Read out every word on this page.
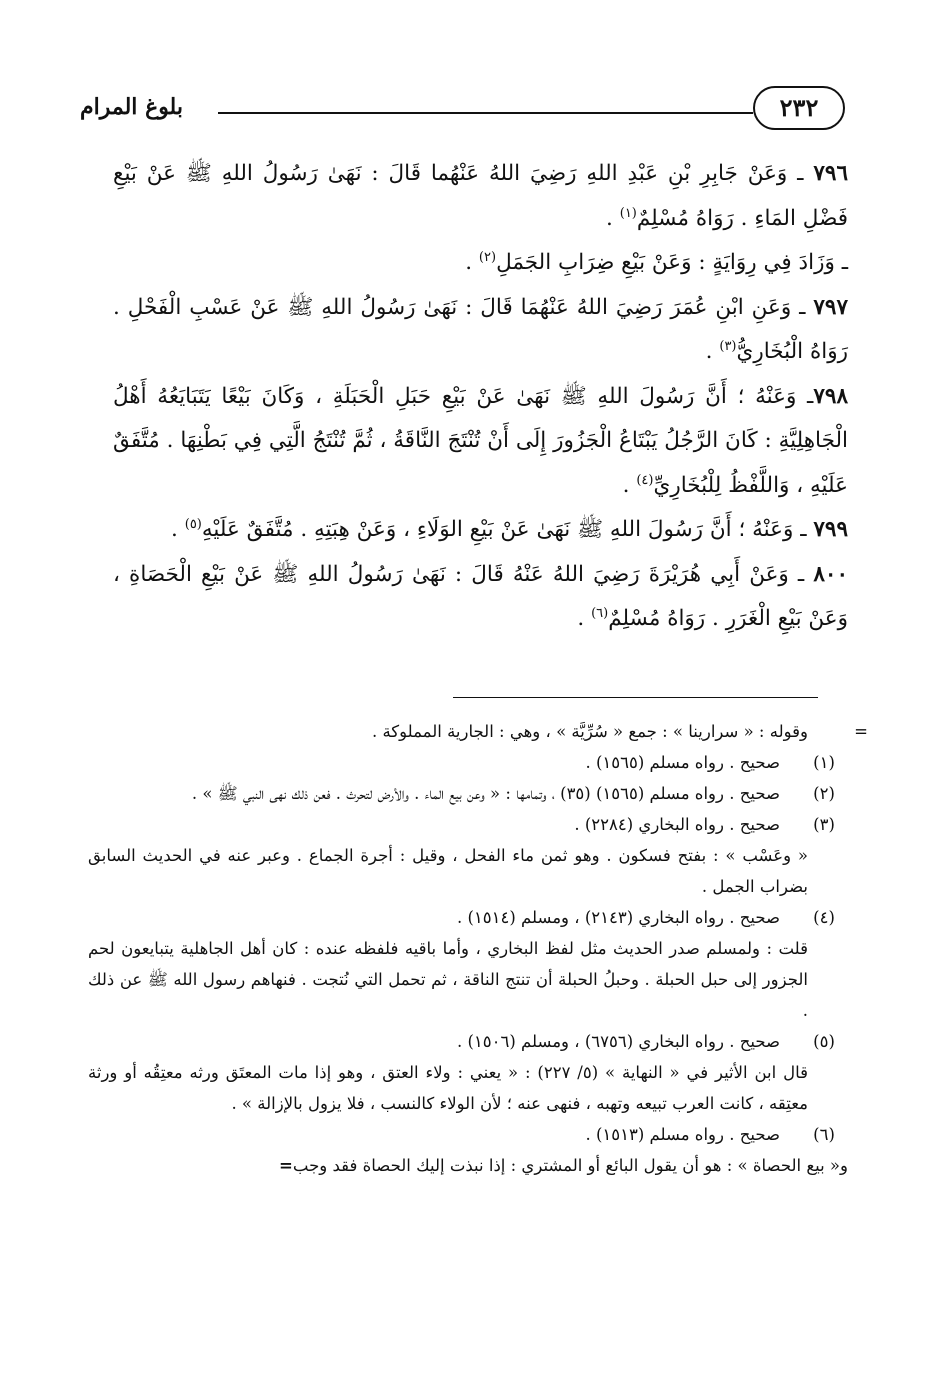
بلوغ المرام	٢٣٢

٧٩٦ ـ وَعَنْ جَابِرِ بْنِ عَبْدِ اللهِ رَضِيَ اللهُ عَنْهُما قَالَ : نَهَىٰ رَسُولُ اللهِ ﷺ عَنْ بَيْعِ فَضْلِ المَاءِ . رَوَاهُ مُسْلِمٌ$^{(١)}$ .

ـ وَزَادَ فِي رِوَايَةٍ : وَعَنْ بَيْعِ ضِرَابِ الجَمَلِ$^{(٢)}$ .

٧٩٧ ـ وَعَنِ ابْنِ عُمَرَ رَضِيَ اللهُ عَنْهُمَا قَالَ : نَهَىٰ رَسُولُ اللهِ ﷺ عَنْ عَسْبِ الْفَحْلِ . رَوَاهُ الْبُخَارِيُّ$^{(٣)}$ .

٧٩٨ـ وَعَنْهُ ؛ أَنَّ رَسُولَ اللهِ ﷺ نَهَىٰ عَنْ بَيْعِ حَبَلِ الْحَبَلَةِ ، وَكَانَ بَيْعًا يَتَبَايَعُهُ أَهْلُ الْجَاهِلِيَّةِ : كَانَ الرَّجُلُ يَبْتَاعُ الْجَزُورَ إِلَى أَنْ تُنْتَجَ النَّاقَةُ ، ثُمَّ تُنْتَجُ الَّتِي فِي بَطْنِهَا . مُتَّفَقٌ عَلَيْهِ ، وَاللَّفْظُ لِلْبُخَارِيِّ$^{(٤)}$ .

٧٩٩ ـ وَعَنْهُ ؛ أَنَّ رَسُولَ اللهِ ﷺ نَهَىٰ عَنْ بَيْعِ الوَلَاءِ ، وَعَنْ هِبَتِهِ . مُتَّفَقٌ عَلَيْهِ$^{(٥)}$ .

٨٠٠ ـ وَعَنْ أَبِي هُرَيْرَةَ رَضِيَ اللهُ عَنْهُ قَالَ : نَهَىٰ رَسُولُ اللهِ ﷺ عَنْ بَيْعِ الْحَصَاةِ ، وَعَنْ بَيْعِ الْغَرَرِ . رَوَاهُ مُسْلِمٌ$^{(٦)}$ .

=
وقوله : « سرارينا » : جمع « سُرِّيَّة » ، وهي : الجارية المملوكة .
(١)
صحيح . رواه مسلم (١٥٦٥) .
(٢)
صحيح . رواه مسلم (١٥٦٥) (٣٥) ، وتمامها : « وعن بيع الماء . والأرض لتحرث . فعن ذلك نهى النبي ﷺ » .
(٣)
صحيح . رواه البخاري (٢٢٨٤) .
« وعَسْب » : بفتح فسكون . وهو ثمن ماء الفحل ، وقيل : أجرة الجماع . وعبر عنه في الحديث السابق بضراب الجمل .
(٤)
صحيح . رواه البخاري (٢١٤٣) ، ومسلم (١٥١٤) .
قلت : ولمسلم صدر الحديث مثل لفظ البخاري ، وأما باقيه فلفظه عنده : كان أهل الجاهلية يتبايعون لحم الجزور إلى حبل الحبلة . وحبلُ الحبلة أن تنتج الناقة ، ثم تحمل التي نُتجت . فنهاهم رسول الله ﷺ عن ذلك .
(٥)
صحيح . رواه البخاري (٦٧٥٦) ، ومسلم (١٥٠٦) .
قال ابن الأثير في « النهاية » (٥/ ٢٢٧) : « يعني : ولاء العتق ، وهو إذا مات المعتَق ورثه معتِقُه أو ورثة معتِقه ، كانت العرب تبيعه وتهبه ، فنهى عنه ؛ لأن الولاء كالنسب ، فلا يزول بالإزالة » .
(٦)
صحيح . رواه مسلم (١٥١٣) .
و« بيع الحصاة » : هو أن يقول البائع أو المشتري : إذا نبذت إليك الحصاة فقد وجب=
